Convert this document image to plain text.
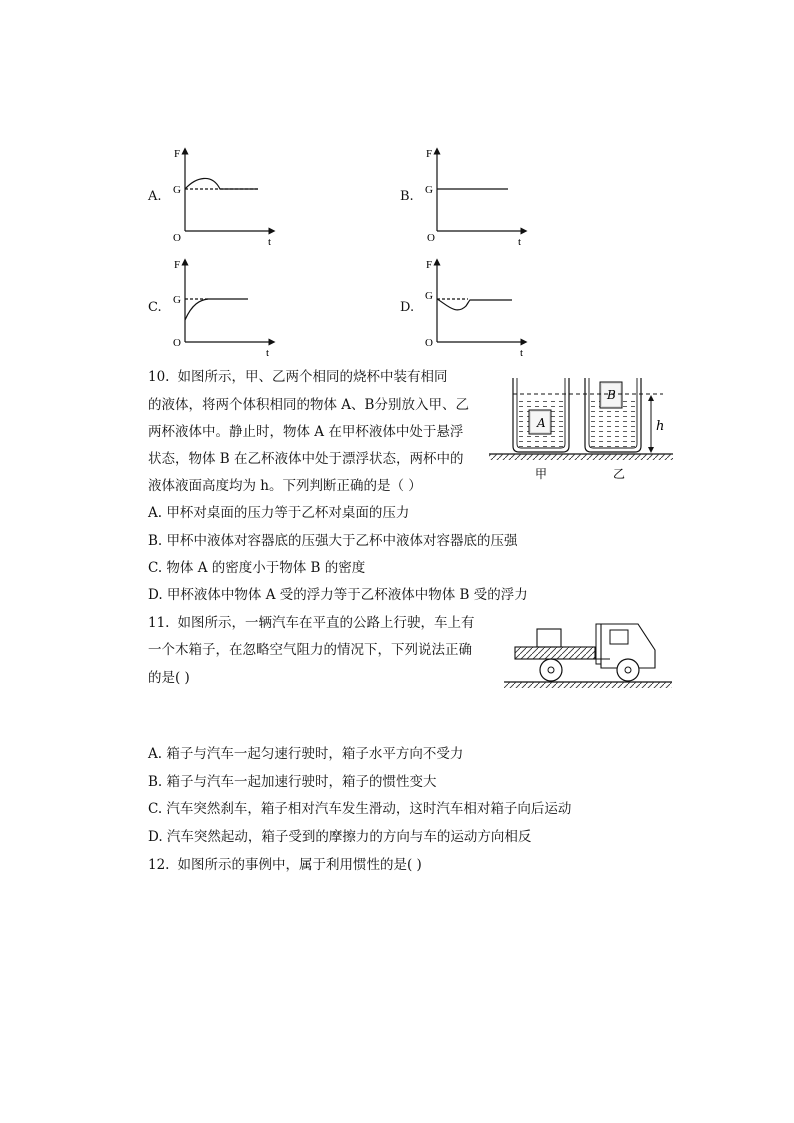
A.
F
G
O	t
B.
F
G
O	t
C.
F
G
O
t
D.
F
G
O
t
10. 如图所示，甲、乙两个相同的烧杯中装有相同
的液体，将两个体积相同的物体 A、B分别放入甲、乙
两杯液体中。静止时，物体 A 在甲杯液体中处于悬浮
状态，物体 B 在乙杯液体中处于漂浮状态，两杯中的
液体液面高度均为 h。下列判断正确的是（ ）
A
B
h
甲	乙
A. 甲杯对桌面的压力等于乙杯对桌面的压力
B. 甲杯中液体对容器底的压强大于乙杯中液体对容器底的压强
C. 物体 A 的密度小于物体 B 的密度
D. 甲杯液体中物体 A 受的浮力等于乙杯液体中物体 B 受的浮力
11. 如图所示，一辆汽车在平直的公路上行驶，车上有
一个木箱子，在忽略空气阻力的情况下，下列说法正确
的是( )
A. 箱子与汽车一起匀速行驶时，箱子水平方向不受力
B. 箱子与汽车一起加速行驶时，箱子的惯性变大
C. 汽车突然刹车，箱子相对汽车发生滑动，这时汽车相对箱子向后运动
D. 汽车突然起动，箱子受到的摩擦力的方向与车的运动方向相反
12. 如图所示的事例中，属于利用惯性的是( )
